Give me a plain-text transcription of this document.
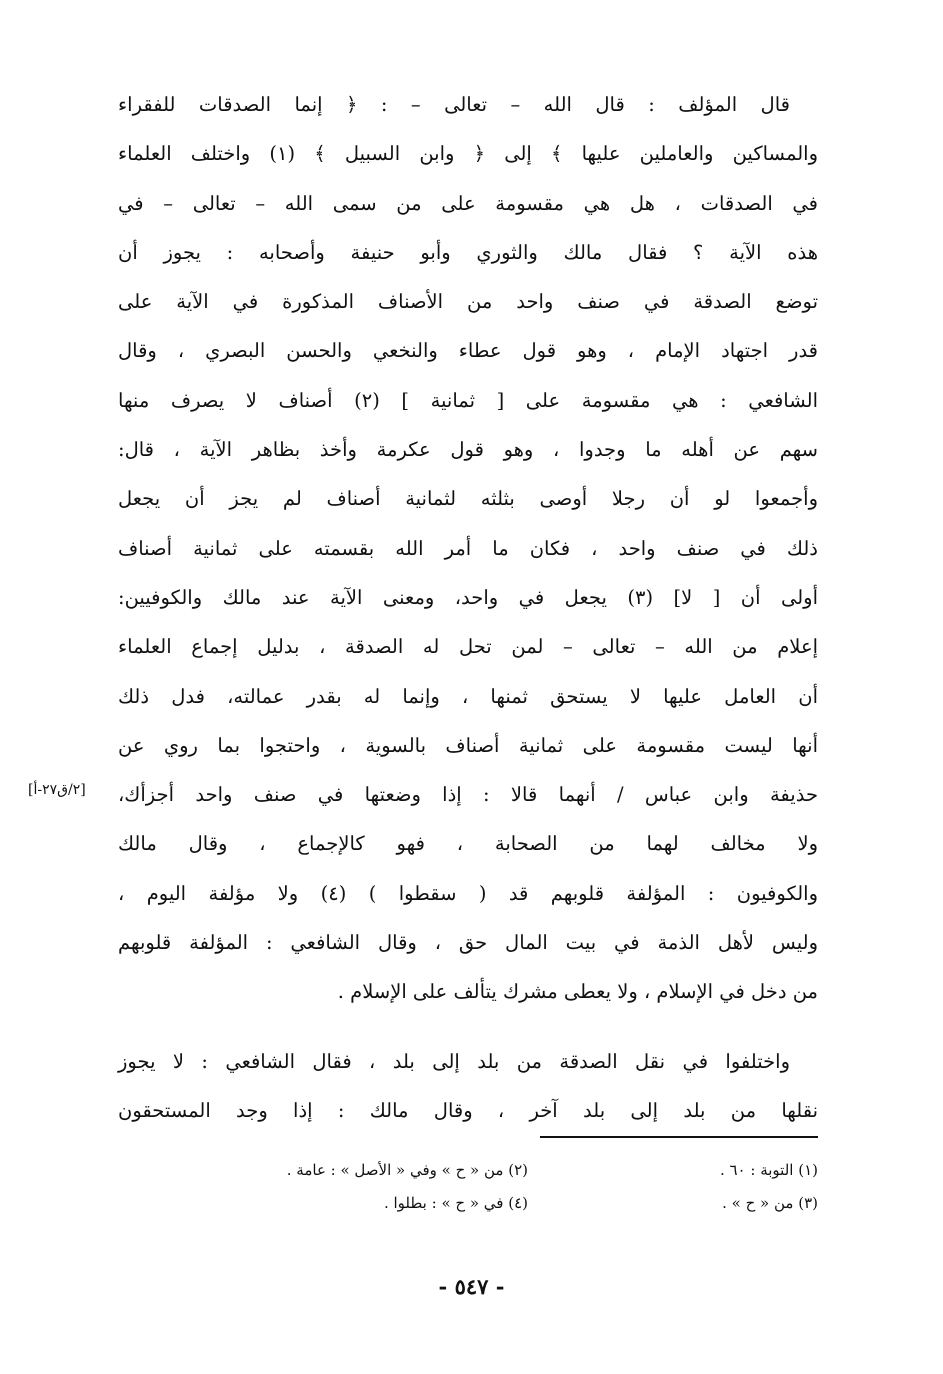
قال المؤلف : قال الله – تعالى – : ﴿ إنما الصدقات للفقراء
والمساكين والعاملين عليها ﴾ إلى ﴿ وابن السبيل ﴾ (١) واختلف العلماء
في الصدقات ، هل هي مقسومة على من سمى الله – تعالى – في
هذه الآية ؟ فقال مالك والثوري وأبو حنيفة وأصحابه : يجوز أن
توضع الصدقة في صنف واحد من الأصناف المذكورة في الآية على
قدر اجتهاد الإمام ، وهو قول عطاء والنخعي والحسن البصري ، وقال
الشافعي : هي مقسومة على [ ثمانية ] (٢) أصناف لا يصرف منها
سهم عن أهله ما وجدوا ، وهو قول عكرمة وأخذ بظاهر الآية ، قال:
وأجمعوا لو أن رجلا أوصى بثلثه لثمانية أصناف لم يجز أن يجعل
ذلك في صنف واحد ، فكان ما أمر الله بقسمته على ثمانية أصناف
أولى أن [ لا] (٣) يجعل في واحد، ومعنى الآية عند مالك والكوفيين:
إعلام من الله – تعالى – لمن تحل له الصدقة ، بدليل إجماع العلماء
أن العامل عليها لا يستحق ثمنها ، وإنما له بقدر عمالته، فدل ذلك
أنها ليست مقسومة على ثمانية أصناف بالسوية ، واحتجوا بما روي عن
حذيفة وابن عباس / أنهما قالا : إذا وضعتها في صنف واحد أجزأك،
ولا مخالف لهما من الصحابة ، فهو كالإجماع ، وقال مالك
والكوفيون : المؤلفة قلوبهم قد ( سقطوا ) (٤) ولا مؤلفة اليوم ،
وليس لأهل الذمة في بيت المال حق ، وقال الشافعي : المؤلفة قلوبهم
من دخل في الإسلام ، ولا يعطى مشرك يتألف على الإسلام .
واختلفوا في نقل الصدقة من بلد إلى بلد ، فقال الشافعي : لا يجوز
نقلها من بلد إلى بلد آخر ، وقال مالك : إذا وجد المستحقون
[٢/ق٢٧-أ]
(١) التوبة : ٦٠ .
(٢) من « ح » وفي « الأصل » : عامة .
(٣) من « ح » .
(٤) في « ح » : بطلوا .
- ٥٤٧ -
